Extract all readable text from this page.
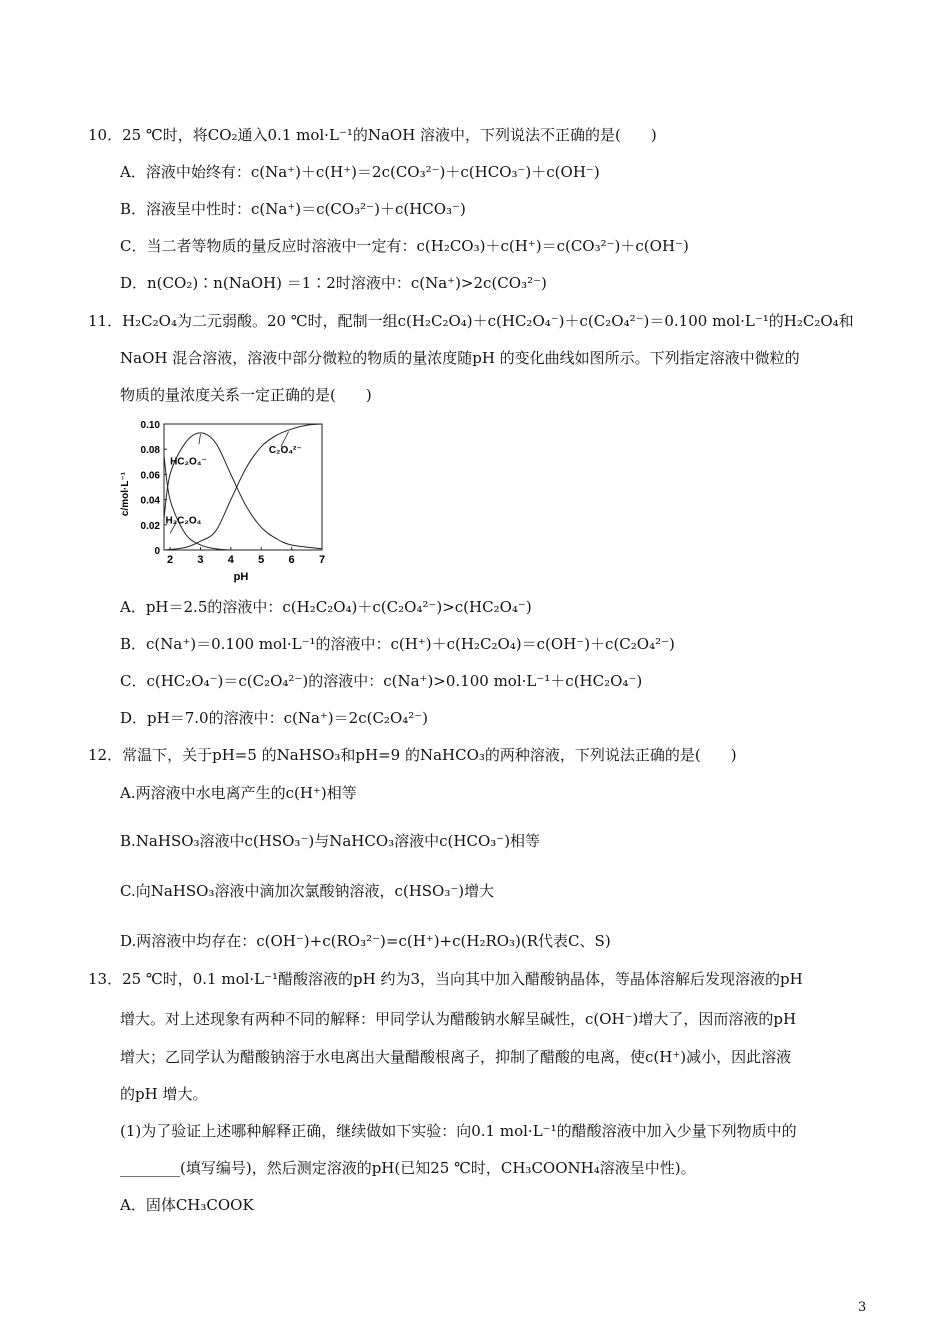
10．25 ℃时，将CO₂通入0.1 mol·L⁻¹的NaOH 溶液中，下列说法不正确的是(　　)
A．溶液中始终有：c(Na⁺)＋c(H⁺)＝2c(CO₃²⁻)＋c(HCO₃⁻)＋c(OH⁻)
B．溶液呈中性时：c(Na⁺)＝c(CO₃²⁻)＋c(HCO₃⁻)
C．当二者等物质的量反应时溶液中一定有：c(H₂CO₃)＋c(H⁺)＝c(CO₃²⁻)＋c(OH⁻)
D．n(CO₂)∶n(NaOH) ＝1∶2时溶液中：c(Na⁺)>2c(CO₃²⁻)
11．H₂C₂O₄为二元弱酸。20 ℃时，配制一组c(H₂C₂O₄)＋c(HC₂O₄⁻)＋c(C₂O₄²⁻)＝0.100 mol·L⁻¹的H₂C₂O₄和
NaOH 混合溶液，溶液中部分微粒的物质的量浓度随pH 的变化曲线如图所示。下列指定溶液中微粒的
物质的量浓度关系一定正确的是(　　)
2 3 4 5 6 7
0
0.02
0.04
0.06
0.08
0.10
HC₂O₄⁻
C₂O₄²⁻
H₂C₂O₄
c/mol·L⁻¹
pH
A．pH＝2.5的溶液中：c(H₂C₂O₄)＋c(C₂O₄²⁻)>c(HC₂O₄⁻)
B．c(Na⁺)＝0.100 mol·L⁻¹的溶液中：c(H⁺)＋c(H₂C₂O₄)＝c(OH⁻)＋c(C₂O₄²⁻)
C．c(HC₂O₄⁻)＝c(C₂O₄²⁻)的溶液中：c(Na⁺)>0.100 mol·L⁻¹＋c(HC₂O₄⁻)
D．pH＝7.0的溶液中：c(Na⁺)＝2c(C₂O₄²⁻)
12．常温下，关于pH=5 的NaHSO₃和pH=9 的NaHCO₃的两种溶液，下列说法正确的是(　　)
A.两溶液中水电离产生的c(H⁺)相等
B.NaHSO₃溶液中c(HSO₃⁻)与NaHCO₃溶液中c(HCO₃⁻)相等
C.向NaHSO₃溶液中滴加次氯酸钠溶液，c(HSO₃⁻)增大
D.两溶液中均存在：c(OH⁻)+c(RO₃²⁻)=c(H⁺)+c(H₂RO₃)(R代表C、S)
13．25 ℃时，0.1 mol·L⁻¹醋酸溶液的pH 约为3，当向其中加入醋酸钠晶体，等晶体溶解后发现溶液的pH
增大。对上述现象有两种不同的解释：甲同学认为醋酸钠水解呈碱性，c(OH⁻)增大了，因而溶液的pH
增大；乙同学认为醋酸钠溶于水电离出大量醋酸根离子，抑制了醋酸的电离，使c(H⁺)减小，因此溶液
的pH 增大。
(1)为了验证上述哪种解释正确，继续做如下实验：向0.1 mol·L⁻¹的醋酸溶液中加入少量下列物质中的
________(填写编号)，然后测定溶液的pH(已知25 ℃时，CH₃COONH₄溶液呈中性)。
A．固体CH₃COOK
3
